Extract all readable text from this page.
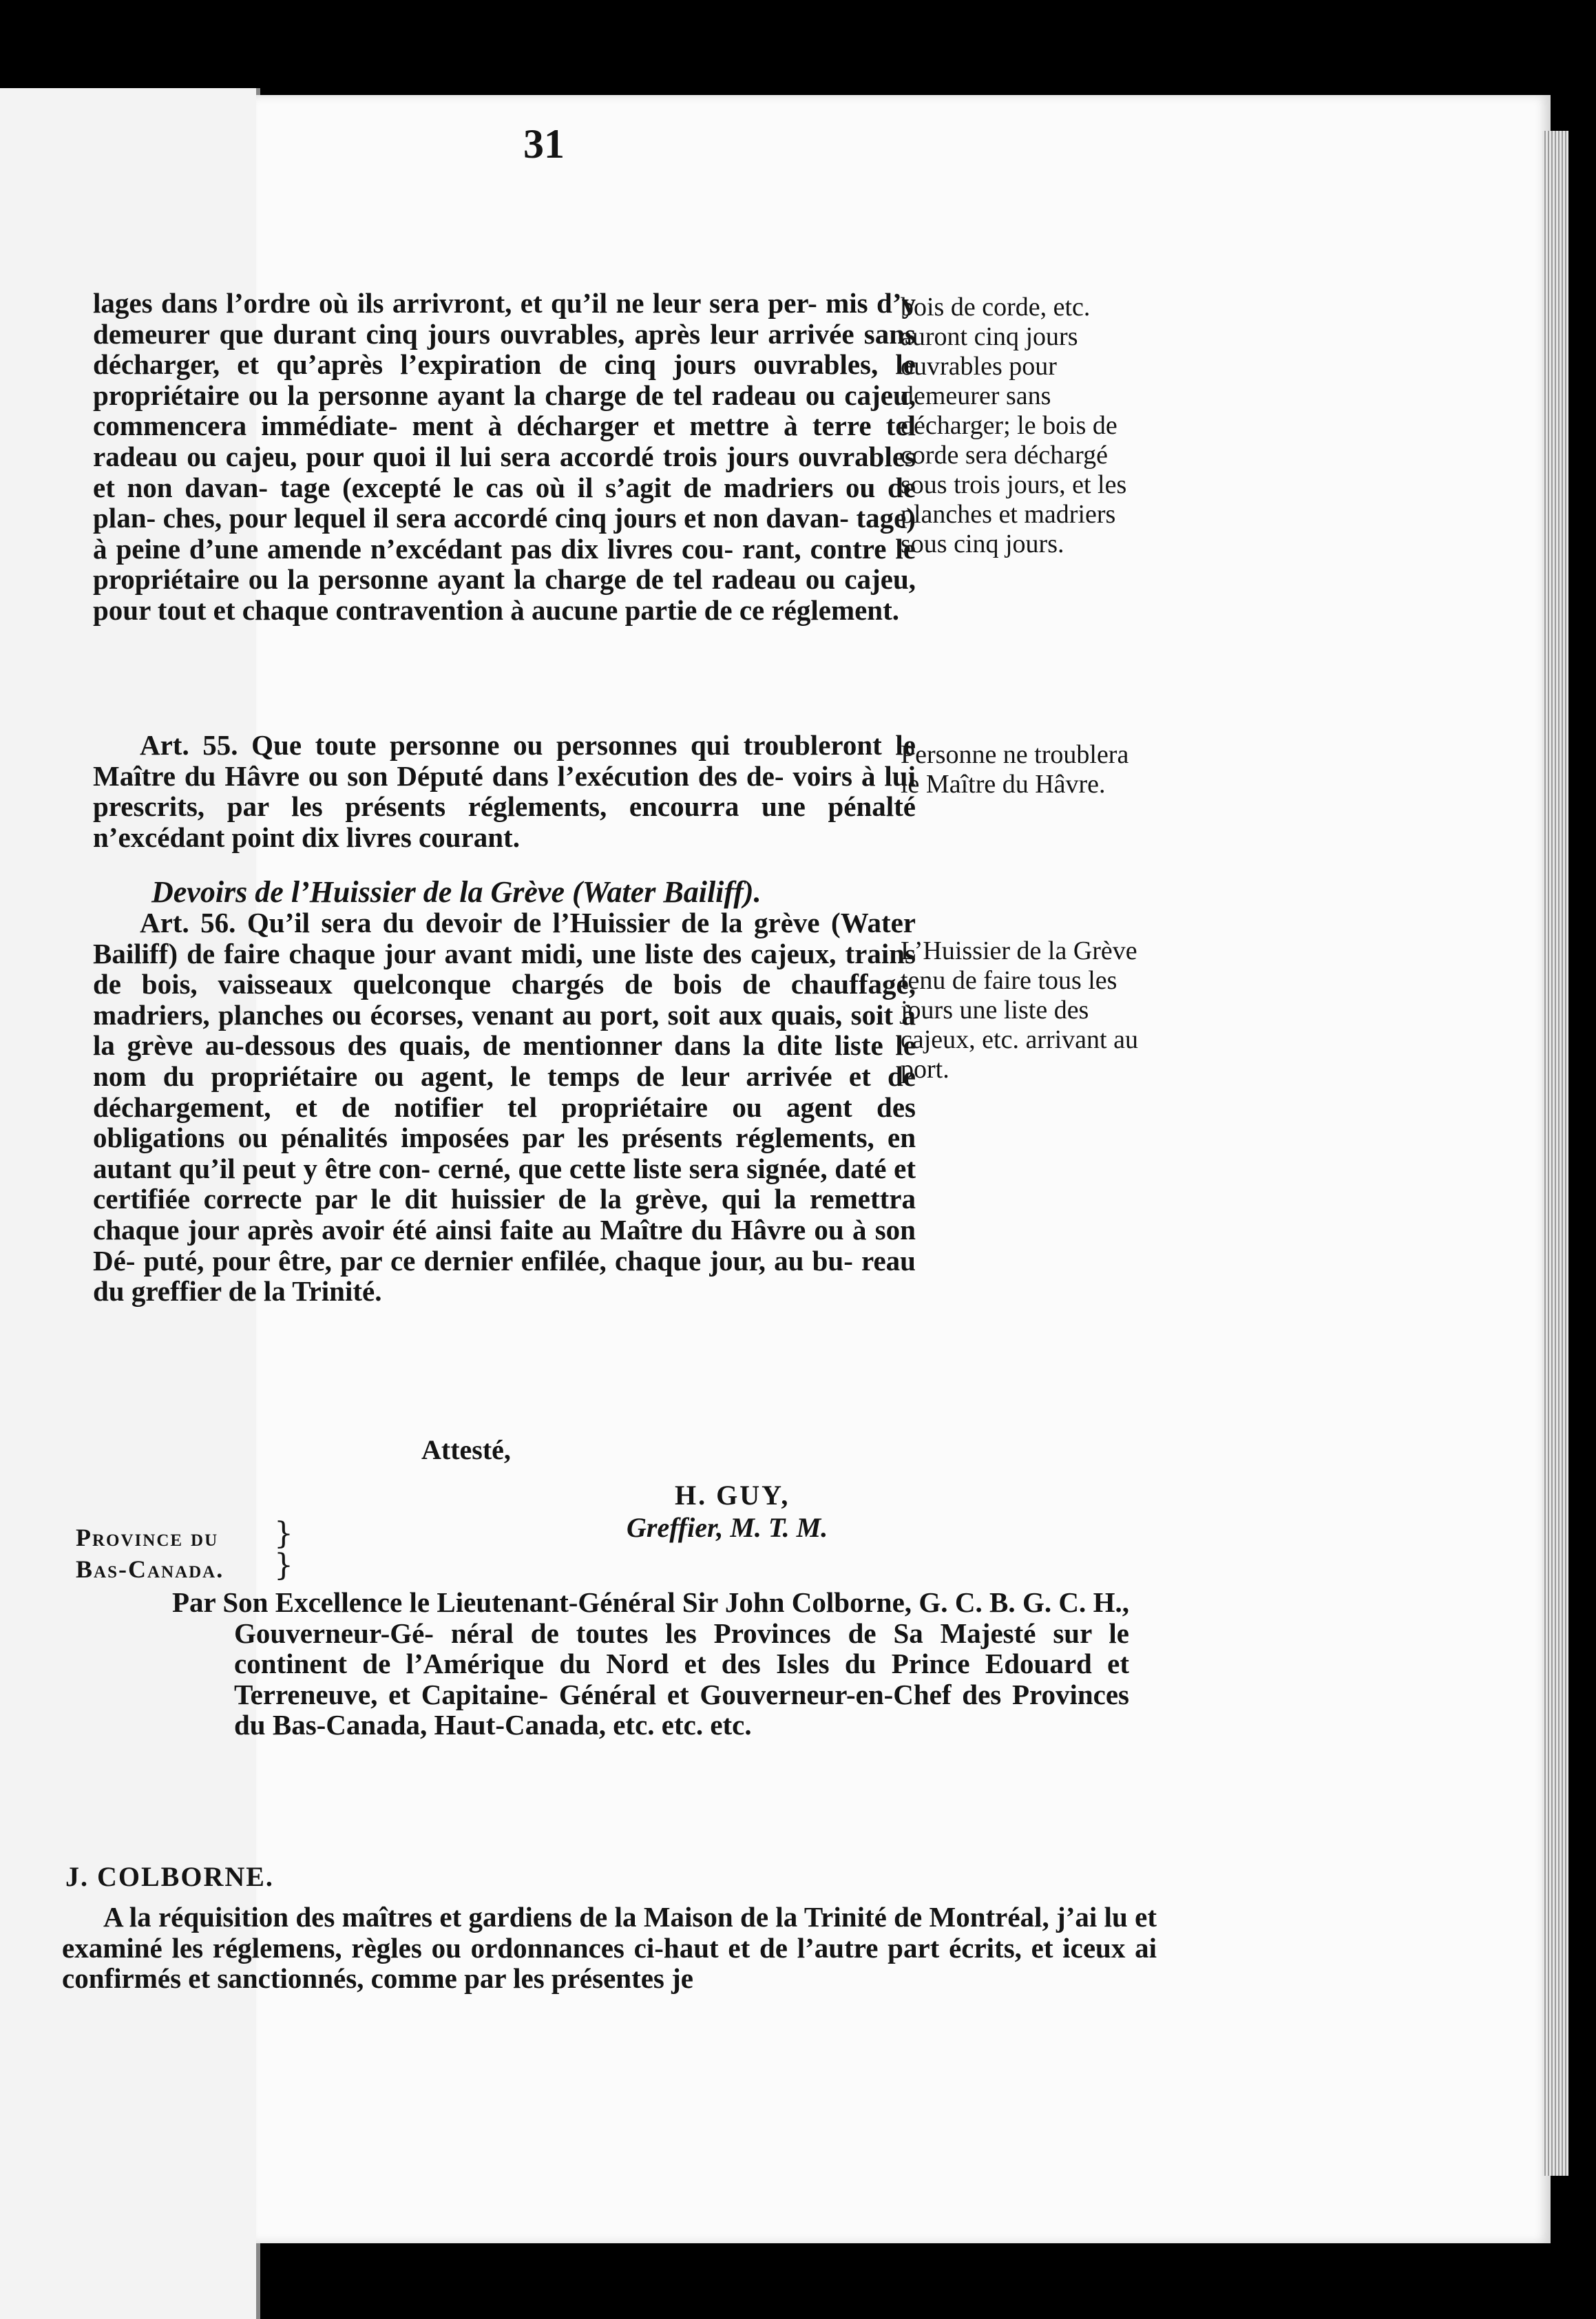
31

lages dans l’ordre où ils arrivront, et qu’il ne leur sera per- mis d’y demeurer que durant cinq jours ouvrables, après leur arrivée sans décharger, et qu’après l’expiration de cinq jours ouvrables, le propriétaire ou la personne ayant la charge de tel radeau ou cajeu, commencera immédiate- ment à décharger et mettre à terre tel radeau ou cajeu, pour quoi il lui sera accordé trois jours ouvrables et non davan- tage (excepté le cas où il s’agit de madriers ou de plan- ches, pour lequel il sera accordé cinq jours et non davan- tage) à peine d’une amende n’excédant pas dix livres cou- rant, contre le propriétaire ou la personne ayant la charge de tel radeau ou cajeu, pour tout et chaque contravention à aucune partie de ce réglement.

Art. 55. Que toute personne ou personnes qui troubleront le Maître du Hâvre ou son Député dans l’exécution des de- voirs à lui prescrits, par les présents réglements, encourra une pénalté n’excédant point dix livres courant.

Devoirs de l’Huissier de la Grève (Water Bailiff).

Art. 56. Qu’il sera du devoir de l’Huissier de la grève (Water Bailiff) de faire chaque jour avant midi, une liste des cajeux, trains de bois, vaisseaux quelconque chargés de bois de chauffage, madriers, planches ou écorses, venant au port, soit aux quais, soit à la grève au-dessous des quais, de mentionner dans la dite liste le nom du propriétaire ou agent, le temps de leur arrivée et de déchargement, et de notifier tel propriétaire ou agent des obligations ou pénalités imposées par les présents réglements, en autant qu’il peut y être con- cerné, que cette liste sera signée, daté et certifiée correcte par le dit huissier de la grève, qui la remettra chaque jour après avoir été ainsi faite au Maître du Hâvre ou à son Dé- puté, pour être, par ce dernier enfilée, chaque jour, au bu- reau du greffier de la Trinité.

bois de corde, etc. auront cinq jours ouvrables pour demeurer sans décharger; le bois de corde sera déchargé sous trois jours, et les planches et madriers sous cinq jours.

Personne ne troublera le Maître du Hâvre.

L’Huissier de la Grève tenu de faire tous les jours une liste des cajeux, etc. arrivant au port.

Attesté,
H. GUY,
Greffier, M. T. M.
Province du
Bas-Canada.
}
}
Par Son Excellence le Lieutenant-Général Sir John Colborne, G. C. B. G. C. H., Gouverneur-Gé- néral de toutes les Provinces de Sa Majesté sur le continent de l’Amérique du Nord et des Isles du Prince Edouard et Terreneuve, et Capitaine- Général et Gouverneur-en-Chef des Provinces du Bas-Canada, Haut-Canada, etc. etc. etc.
J. COLBORNE.
A la réquisition des maîtres et gardiens de la Maison de la Trinité de Montréal, j’ai lu et examiné les réglemens, règles ou ordonnances ci-haut et de l’autre part écrits, et iceux ai confirmés et sanctionnés, comme par les présentes je
